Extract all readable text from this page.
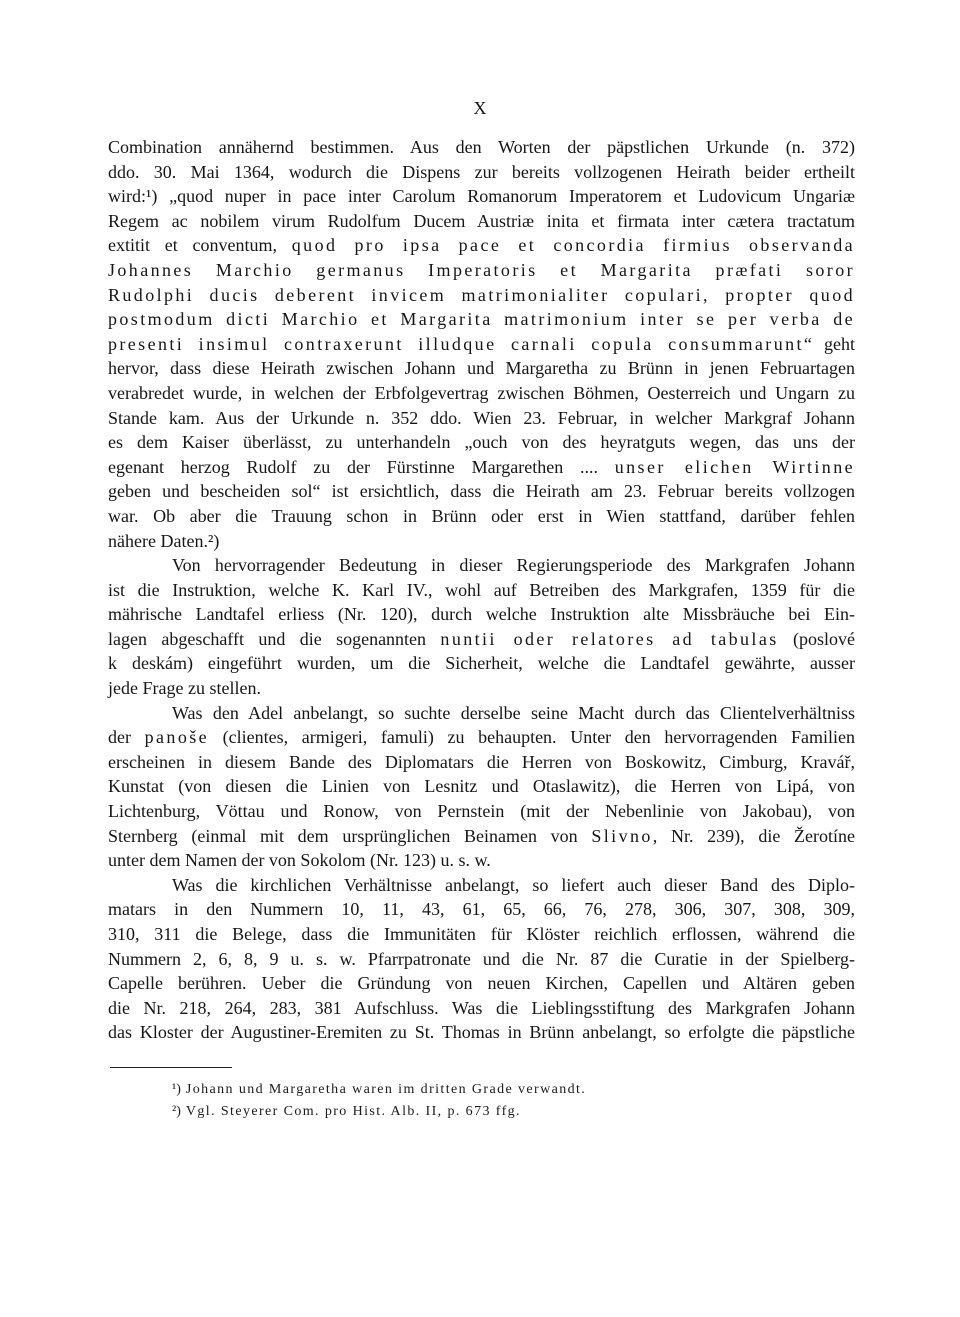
X
Combination annähernd bestimmen. Aus den Worten der päpstlichen Urkunde (n. 372)
ddo. 30. Mai 1364, wodurch die Dispens zur bereits vollzogenen Heirath beider ertheilt
wird:¹) „quod nuper in pace inter Carolum Romanorum Imperatorem et Ludovicum Ungariæ
Regem ac nobilem virum Rudolfum Ducem Austriæ inita et firmata inter cætera tractatum
extitit et conventum, quod pro ipsa pace et concordia firmius observanda
Johannes Marchio germanus Imperatoris et Margarita præfati soror
Rudolphi ducis deberent invicem matrimonialiter copulari, propter quod
postmodum dicti Marchio et Margarita matrimonium inter se per verba de
presenti insimul contraxerunt illudque carnali copula consummarunt“ geht
hervor, dass diese Heirath zwischen Johann und Margaretha zu Brünn in jenen Februartagen
verabredet wurde, in welchen der Erbfolgevertrag zwischen Böhmen, Oesterreich und Ungarn zu
Stande kam. Aus der Urkunde n. 352 ddo. Wien 23. Februar, in welcher Markgraf Johann
es dem Kaiser überlässt, zu unterhandeln „ouch von des heyratguts wegen, das uns der
egenant herzog Rudolf zu der Fürstinne Margarethen .... unser elichen Wirtinne
geben und bescheiden sol“ ist ersichtlich, dass die Heirath am 23. Februar bereits vollzogen
war. Ob aber die Trauung schon in Brünn oder erst in Wien stattfand, darüber fehlen
nähere Daten.²)
Von hervorragender Bedeutung in dieser Regierungsperiode des Markgrafen Johann
ist die Instruktion, welche K. Karl IV., wohl auf Betreiben des Markgrafen, 1359 für die
mährische Landtafel erliess (Nr. 120), durch welche Instruktion alte Missbräuche bei Ein-
lagen abgeschafft und die sogenannten nuntii oder relatores ad tabulas (poslové
k deskám) eingeführt wurden, um die Sicherheit, welche die Landtafel gewährte, ausser
jede Frage zu stellen.
Was den Adel anbelangt, so suchte derselbe seine Macht durch das Clientelverhältniss
der panoše (clientes, armigeri, famuli) zu behaupten. Unter den hervorragenden Familien
erscheinen in diesem Bande des Diplomatars die Herren von Boskowitz, Cimburg, Kravář,
Kunstat (von diesen die Linien von Lesnitz und Otaslawitz), die Herren von Lipá, von
Lichtenburg, Vöttau und Ronow, von Pernstein (mit der Nebenlinie von Jakobau), von
Sternberg (einmal mit dem ursprünglichen Beinamen von Slivno, Nr. 239), die Žerotíne
unter dem Namen der von Sokolom (Nr. 123) u. s. w.
Was die kirchlichen Verhältnisse anbelangt, so liefert auch dieser Band des Diplo-
matars in den Nummern 10, 11, 43, 61, 65, 66, 76, 278, 306, 307, 308, 309,
310, 311 die Belege, dass die Immunitäten für Klöster reichlich erflossen, während die
Nummern 2, 6, 8, 9 u. s. w. Pfarrpatronate und die Nr. 87 die Curatie in der Spielberg-
Capelle berühren. Ueber die Gründung von neuen Kirchen, Capellen und Altären geben
die Nr. 218, 264, 283, 381 Aufschluss. Was die Lieblingsstiftung des Markgrafen Johann
das Kloster der Augustiner-Eremiten zu St. Thomas in Brünn anbelangt, so erfolgte die päpstliche
¹) Johann und Margaretha waren im dritten Grade verwandt.
²) Vgl. Steyerer Com. pro Hist. Alb. II, p. 673 ffg.
